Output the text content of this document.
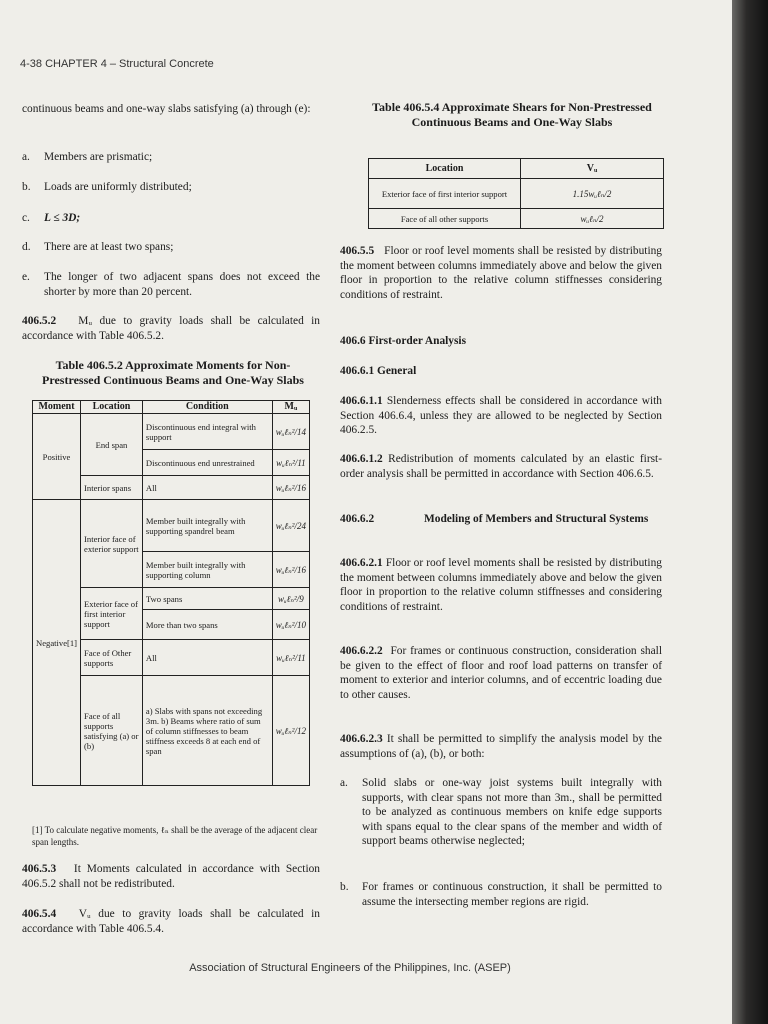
4-38 CHAPTER 4 – Structural Concrete
continuous beams and one-way slabs satisfying (a) through (e):
a. Members are prismatic;
b. Loads are uniformly distributed;
c. L ≤ 3D;
d. There are at least two spans;
e. The longer of two adjacent spans does not exceed the shorter by more than 20 percent.
406.5.2 Mᵤ due to gravity loads shall be calculated in accordance with Table 406.5.2.
Table 406.5.2 Approximate Moments for Non-Prestressed Continuous Beams and One-Way Slabs
Moment	Location	Condition	Mᵤ
Positive	End span	Discontinuous end integral with support	wᵤℓₙ²/14
		Discontinuous end unrestrained	wᵤℓₙ²/11
	Interior spans	All	wᵤℓₙ²/16
Negative[1]	Interior face of exterior support	Member built integrally with supporting spandrel beam	wᵤℓₙ²/24
		Member built integrally with supporting column	wᵤℓₙ²/16
	Exterior face of first interior support	Two spans	wᵤℓₙ²/9
		More than two spans	wᵤℓₙ²/10
	Face of Other supports	All	wᵤℓₙ²/11
	Face of all supports satisfying (a) or (b)	a) Slabs with spans not exceeding 3m. b) Beams where ratio of sum of column stiffnesses to beam stiffness exceeds 8 at each end of span	wᵤℓₙ²/12
[1] To calculate negative moments, ℓₙ shall be the average of the adjacent clear span lengths.
406.5.3 It Moments calculated in accordance with Section 406.5.2 shall not be redistributed.
406.5.4 Vᵤ due to gravity loads shall be calculated in accordance with Table 406.5.4.
Table 406.5.4 Approximate Shears for Non-Prestressed Continuous Beams and One-Way Slabs
Location	Vᵤ
Exterior face of first interior support	1.15wᵤℓₙ/2
Face of all other supports	wᵤℓₙ/2
406.5.5 Floor or roof level moments shall be resisted by distributing the moment between columns immediately above and below the given floor in proportion to the relative column stiffnesses considering conditions of restraint.
406.6 First-order Analysis
406.6.1 General
406.6.1.1 Slenderness effects shall be considered in accordance with Section 406.6.4, unless they are allowed to be neglected by Section 406.2.5.
406.6.1.2 Redistribution of moments calculated by an elastic first-order analysis shall be permitted in accordance with Section 406.6.5.
406.6.2	Modeling of Members and Structural Systems
406.6.2.1 Floor or roof level moments shall be resisted by distributing the moment between columns immediately above and below the given floor in proportion to the relative column stiffnesses and considering conditions of restraint.
406.6.2.2 For frames or continuous construction, consideration shall be given to the effect of floor and roof load patterns on transfer of moment to exterior and interior columns, and of eccentric loading due to other causes.
406.6.2.3 It shall be permitted to simplify the analysis model by the assumptions of (a), (b), or both:
a. Solid slabs or one-way joist systems built integrally with supports, with clear spans not more than 3m., shall be permitted to be analyzed as continuous members on knife edge supports with spans equal to the clear spans of the member and width of support beams otherwise neglected;
b. For frames or continuous construction, it shall be permitted to assume the intersecting member regions are rigid.
Association of Structural Engineers of the Philippines, Inc. (ASEP)
